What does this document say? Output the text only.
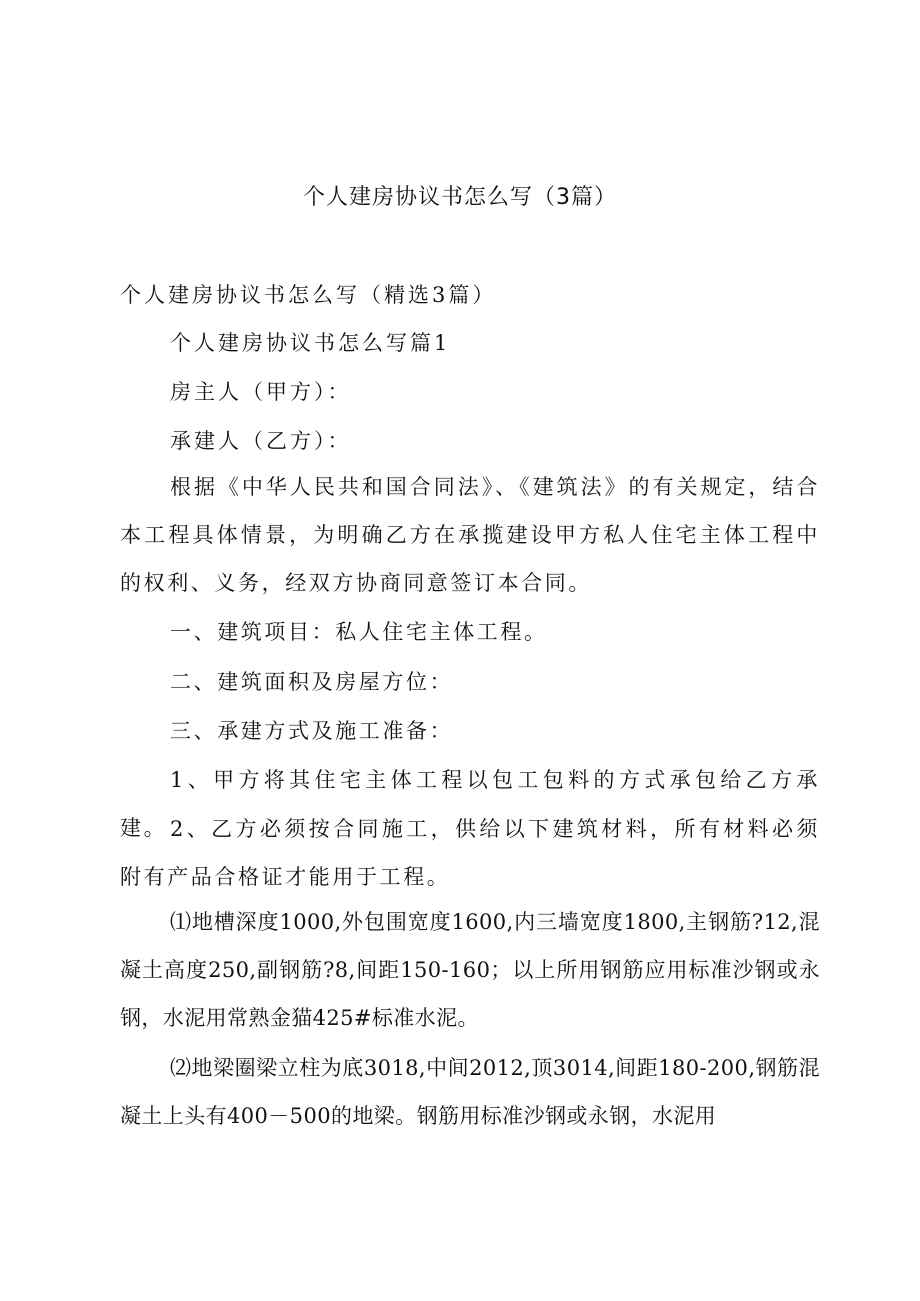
个人建房协议书怎么写（3篇）
个人建房协议书怎么写（精选3篇）
个人建房协议书怎么写篇1
房主人（甲方）：
承建人（乙方）：

根据《中华人民共和国合同法》、《建筑法》的有关规定，结合本工程具体情景，为明确乙方在承揽建设甲方私人住宅主体工程中的权利、义务，经双方协商同意签订本合同。

一、建筑项目：私人住宅主体工程。

二、建筑面积及房屋方位：

三、承建方式及施工准备：

1、甲方将其住宅主体工程以包工包料的方式承包给乙方承建。 2、乙方必须按合同施工，供给以下建筑材料，所有材料必须附有产品合格证才能用于工程。

⑴地槽深度1000,外包围宽度1600,内三墙宽度1800,主钢筋?12,混凝土高度250,副钢筋?8,间距150-160；以上所用钢筋应用标准沙钢或永钢，水泥用常熟金猫425#标准水泥。

⑵地梁圈梁立柱为底3018,中间2012,顶3014,间距180-200,钢筋混凝土上头有400－500的地梁。钢筋用标准沙钢或永钢，水泥用
